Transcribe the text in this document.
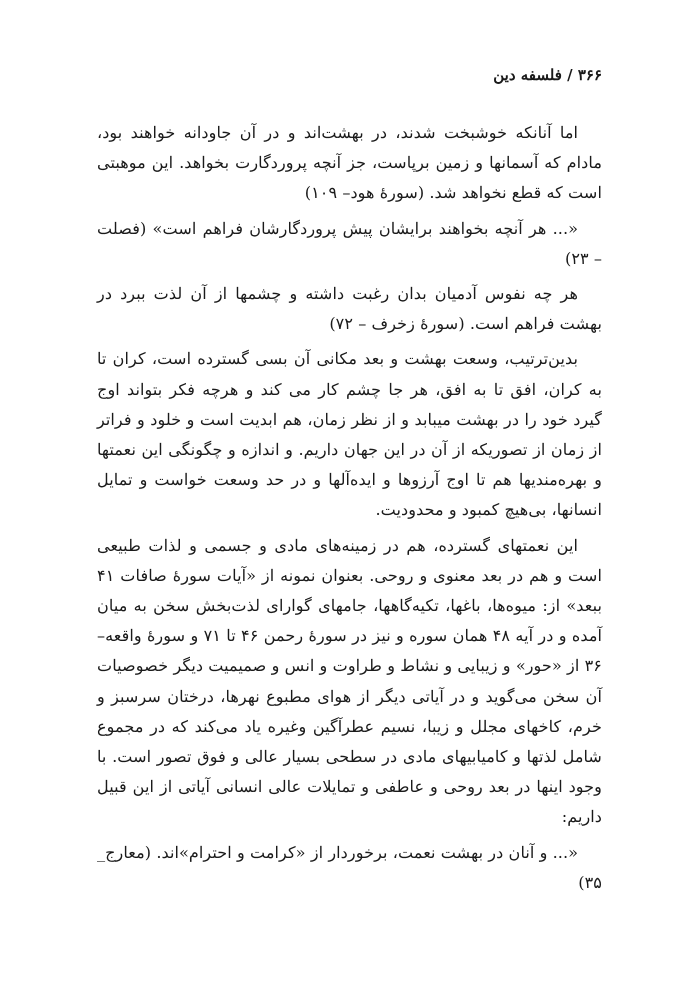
۳۶۶ / فلسفه دین

اما آنانکه خوشبخت شدند، در بهشت‌اند و در آن جاودانه خواهند بود، مادام که آسمانها و زمین برپاست، جز آنچه پروردگارت بخواهد. این موهبتی است که قطع نخواهد شد. (سورهٔ هود– ۱۰۹)

«... هر آنچه بخواهند برایشان پیش پروردگارشان فراهم است» (فصلت – ۲۳)

هر چه نفوس آدمیان بدان رغبت داشته و چشمها از آن لذت ببرد در بهشت فراهم است. (سورهٔ زخرف – ۷۲)

بدین‌ترتیب، وسعت بهشت و بعد مکانی آن بسی گسترده است، کران تا به کران، افق تا به افق، هر جا چشم کار می کند و هرچه فکر بتواند اوج گیرد خود را در بهشت میبابد و از نظر زمان، هم ابدیت است و خلود و فراتر از زمان از تصوریکه از آن در این جهان داریم. و اندازه و چگونگی این نعمتها و بهره‌مندیها هم تا اوج آرزوها و ایده‌آلها و در حد وسعت خواست و تمایل انسانها، بی‌هیچ کمبود و محدودیت.

این نعمتهای گسترده، هم در زمینه‌های مادی و جسمی و لذات طبیعی است و هم در بعد معنوی و روحی. بعنوان نمونه از «آیات سورهٔ صافات ۴۱ ببعد» از: میوه‌ها، باغها، تکیه‌گاهها، جامهای گوارای لذت‌بخش سخن به میان آمده و در آیه ۴۸ همان سوره و نیز در سورهٔ رحمن ۴۶ تا ۷۱ و سورهٔ واقعه– ۳۶ از «حور» و زیبایی و نشاط و طراوت و انس و صمیمیت دیگر خصوصیات آن سخن می‌گوید و در آیاتی دیگر از هوای مطبوع نهرها، درختان سرسبز و خرم، کاخهای مجلل و زیبا، نسیم عطرآگین وغیره یاد می‌کند که در مجموع شامل لذتها و کامیابیهای مادی در سطحی بسیار عالی و فوق تصور است. با وجود اینها در بعد روحی و عاطفی و تمایلات عالی انسانی آیاتی از این قبیل داریم:

«... و آنان در بهشت نعمت، برخوردار از «کرامت و احترام»اند. (معارج_ ۳۵)
